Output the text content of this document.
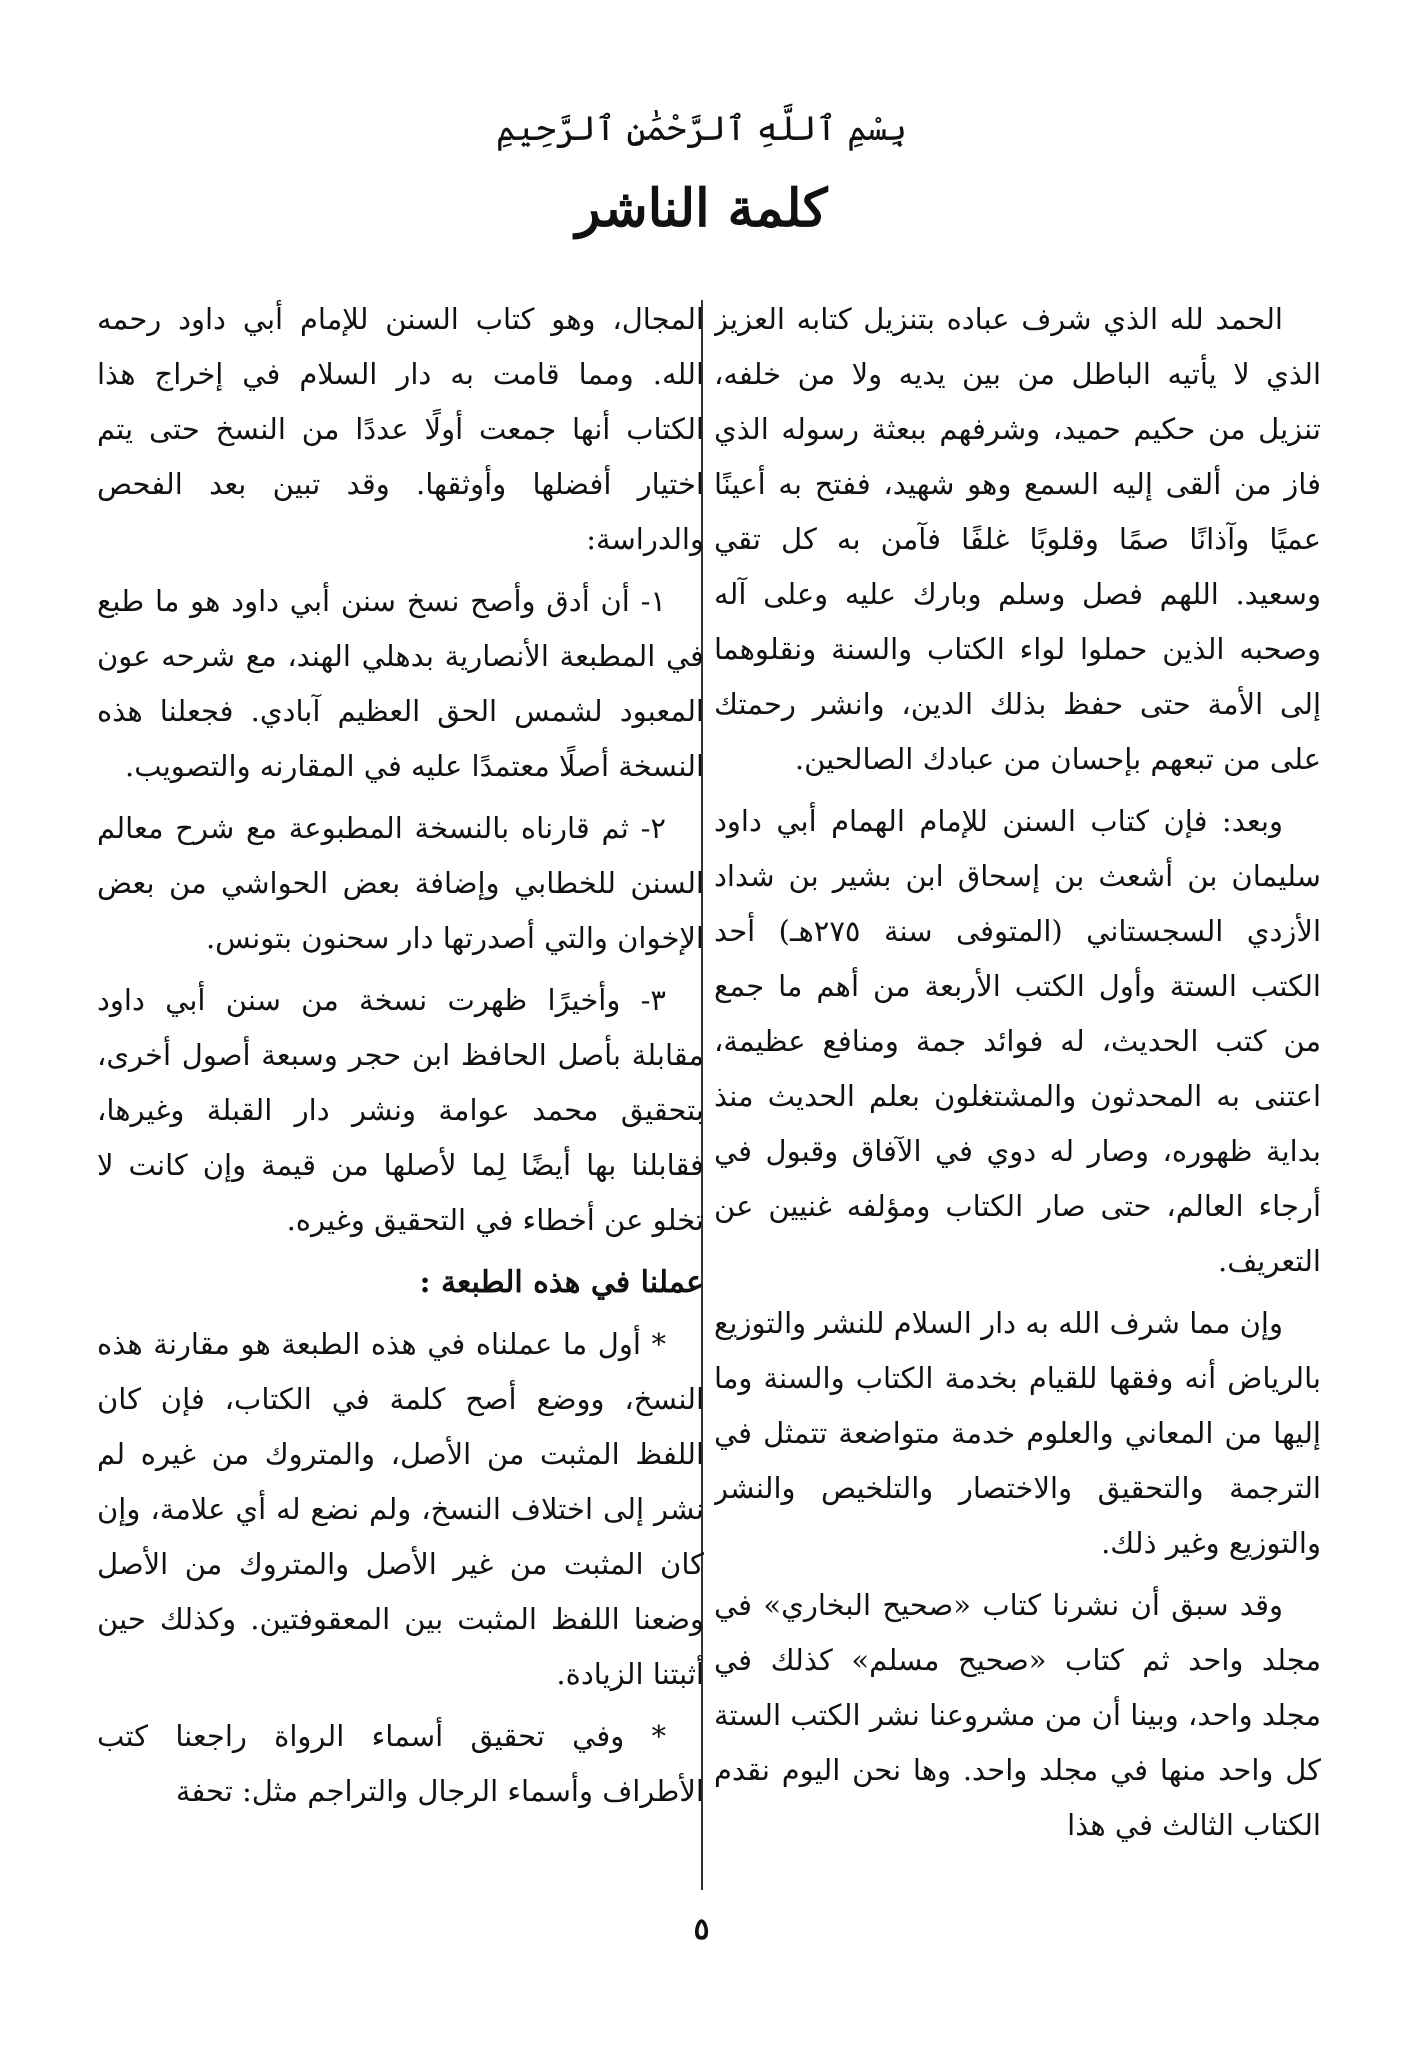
بِسْمِ ٱللَّهِ ٱلرَّحْمَٰنِ ٱلرَّحِيمِ
كلمة الناشر

الحمد لله الذي شرف عباده بتنزيل كتابه العزيز الذي لا يأتيه الباطل من بين يديه ولا من خلفه، تنزيل من حكيم حميد، وشرفهم ببعثة رسوله الذي فاز من ألقى إليه السمع وهو شهيد، ففتح به أعينًا عميًا وآذانًا صمًا وقلوبًا غلفًا فآمن به كل تقي وسعيد. اللهم فصل وسلم وبارك عليه وعلى آله وصحبه الذين حملوا لواء الكتاب والسنة ونقلوهما إلى الأمة حتى حفظ بذلك الدين، وانشر رحمتك على من تبعهم بإحسان من عبادك الصالحين.

وبعد: فإن كتاب السنن للإمام الهمام أبي داود سليمان بن أشعث بن إسحاق ابن بشير بن شداد الأزدي السجستاني (المتوفى سنة ٢٧٥هـ) أحد الكتب الستة وأول الكتب الأربعة من أهم ما جمع من كتب الحديث، له فوائد جمة ومنافع عظيمة، اعتنى به المحدثون والمشتغلون بعلم الحديث منذ بداية ظهوره، وصار له دوي في الآفاق وقبول في أرجاء العالم، حتى صار الكتاب ومؤلفه غنيين عن التعريف.

وإن مما شرف الله به دار السلام للنشر والتوزيع بالرياض أنه وفقها للقيام بخدمة الكتاب والسنة وما إليها من المعاني والعلوم خدمة متواضعة تتمثل في الترجمة والتحقيق والاختصار والتلخيص والنشر والتوزيع وغير ذلك.

وقد سبق أن نشرنا كتاب «صحيح البخاري» في مجلد واحد ثم كتاب «صحيح مسلم» كذلك في مجلد واحد، وبينا أن من مشروعنا نشر الكتب الستة كل واحد منها في مجلد واحد. وها نحن اليوم نقدم الكتاب الثالث في هذا

المجال، وهو كتاب السنن للإمام أبي داود رحمه الله. ومما قامت به دار السلام في إخراج هذا الكتاب أنها جمعت أولًا عددًا من النسخ حتى يتم اختيار أفضلها وأوثقها. وقد تبين بعد الفحص والدراسة:

١- أن أدق وأصح نسخ سنن أبي داود هو ما طبع في المطبعة الأنصارية بدهلي الهند، مع شرحه عون المعبود لشمس الحق العظيم آبادي. فجعلنا هذه النسخة أصلًا معتمدًا عليه في المقارنه والتصويب.

٢- ثم قارناه بالنسخة المطبوعة مع شرح معالم السنن للخطابي وإضافة بعض الحواشي من بعض الإخوان والتي أصدرتها دار سحنون بتونس.

٣- وأخيرًا ظهرت نسخة من سنن أبي داود مقابلة بأصل الحافظ ابن حجر وسبعة أصول أخرى، بتحقيق محمد عوامة ونشر دار القبلة وغيرها، فقابلنا بها أيضًا لِما لأصلها من قيمة وإن كانت لا تخلو عن أخطاء في التحقيق وغيره.

عملنا في هذه الطبعة :

* أول ما عملناه في هذه الطبعة هو مقارنة هذه النسخ، ووضع أصح كلمة في الكتاب، فإن كان اللفظ المثبت من الأصل، والمتروك من غيره لم نشر إلى اختلاف النسخ، ولم نضع له أي علامة، وإن كان المثبت من غير الأصل والمتروك من الأصل وضعنا اللفظ المثبت بين المعقوفتين. وكذلك حين أثبتنا الزيادة.

* وفي تحقيق أسماء الرواة راجعنا كتب الأطراف وأسماء الرجال والتراجم مثل: تحفة

٥
